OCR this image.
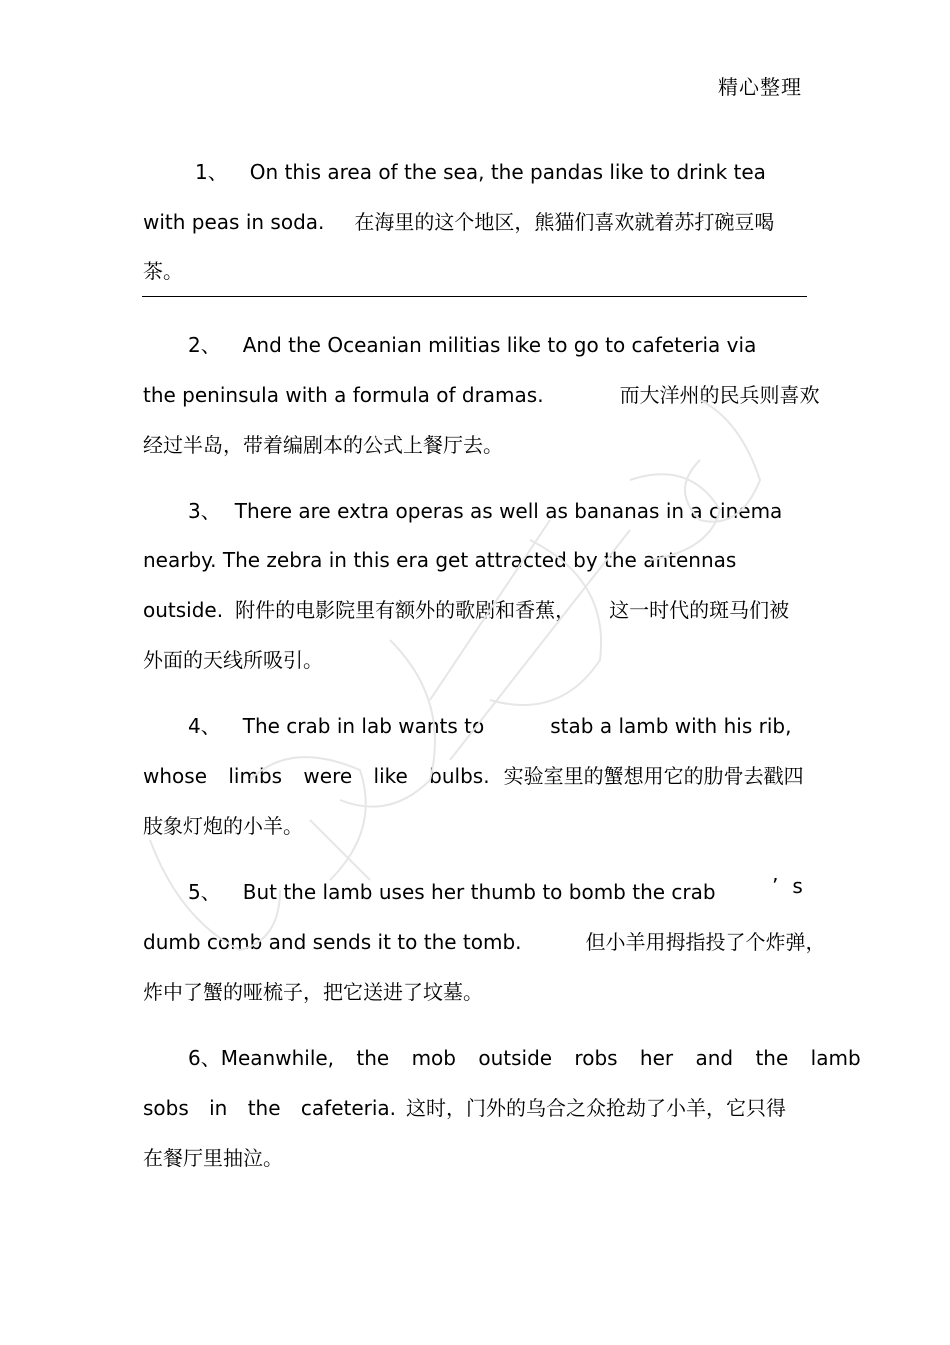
精心整理
1、 On this area of the sea, the pandas like to drink tea
with peas in soda. 在海里的这个地区，熊猫们喜欢就着苏打碗豆喝
茶。
2、 And the Oceanian militias like to go to cafeteria via
the peninsula with a formula of dramas.	而大洋州的民兵则喜欢
经过半岛，带着编剧本的公式上餐厅去。
3、 There are extra operas as well as bananas in a cinema
nearby. The zebra in this era get attracted by the antennas
outside. 附件的电影院里有额外的歌剧和香蕉， 这一时代的斑马们被
外面的天线所吸引。
4、 The crab in lab wants to	stab a lamb with his rib,
whose limbs were like bulbs. 实验室里的蟹想用它的肋骨去戳四
肢象灯炮的小羊。
5、 But the lamb uses her thumb to bomb the crab	’s
dumb comb and sends it to the tomb.	但小羊用拇指投了个炸弹，
炸中了蟹的哑梳子，把它送进了坟墓。
6、Meanwhile, the mob outside robs her and the lamb
sobs in the cafeteria. 这时，门外的乌合之众抢劫了小羊，它只得
在餐厅里抽泣。
